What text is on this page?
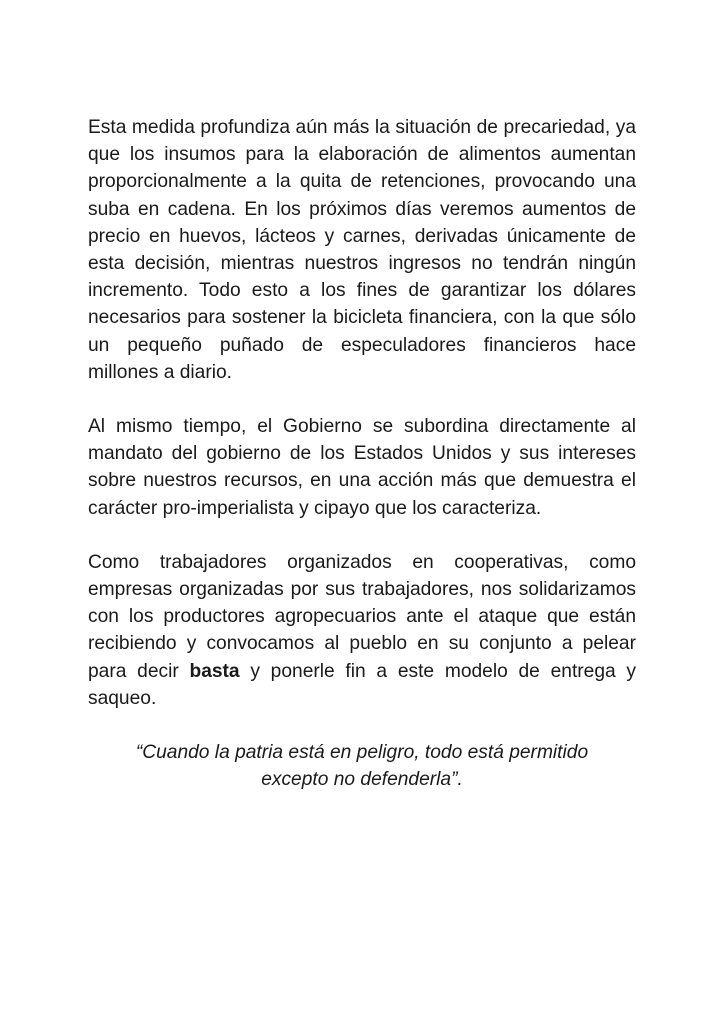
Esta medida profundiza aún más la situación de precariedad, ya que los insumos para la elaboración de alimentos aumentan proporcionalmente a la quita de retenciones, provocando una suba en cadena. En los próximos días veremos aumentos de precio en huevos, lácteos y carnes, derivadas únicamente de esta decisión, mientras nuestros ingresos no tendrán ningún incremento. Todo esto a los fines de garantizar los dólares necesarios para sostener la bicicleta financiera, con la que sólo un pequeño puñado de especuladores financieros hace millones a diario.

Al mismo tiempo, el Gobierno se subordina directamente al mandato del gobierno de los Estados Unidos y sus intereses sobre nuestros recursos, en una acción más que demuestra el carácter pro-imperialista y cipayo que los caracteriza.

Como trabajadores organizados en cooperativas, como empresas organizadas por sus trabajadores, nos solidarizamos con los productores agropecuarios ante el ataque que están recibiendo y convocamos al pueblo en su conjunto a pelear para decir basta y ponerle fin a este modelo de entrega y saqueo.

“Cuando la patria está en peligro, todo está permitido
excepto no defenderla”.
